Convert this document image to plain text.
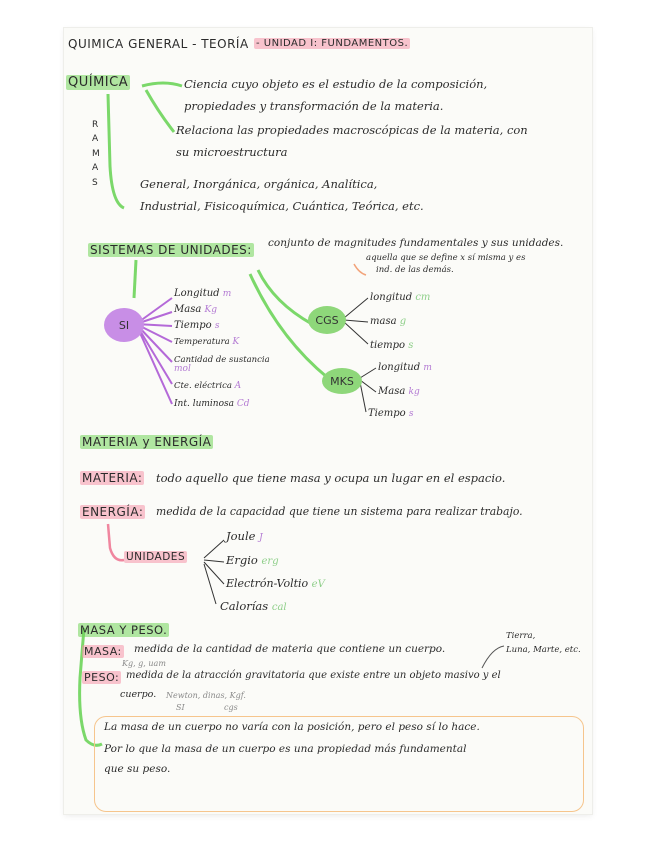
QUIMICA GENERAL - TEORÍA - UNIDAD I: FUNDAMENTOS.
QUÍMICA	Ciencia cuyo objeto es el estudio de la composición,
propiedades y transformación de la materia.
Relaciona las propiedades macroscópicas de la materia, con
su microestructura
RAMAS	General, Inorgánica, orgánica, Analítica,
Industrial, Fisicoquímica, Cuántica, Teórica, etc.
SISTEMAS DE UNIDADES: conjunto de magnitudes fundamentales y sus unidades.
aquella que se define x sí misma y es
ind. de las demás.
SI
Longitud m
Masa Kg
Tiempo s
Temperatura K
Cantidad de sustancia mol
Cte. eléctrica A
Int. luminosa Cd
CGS
longitud cm
masa g
tiempo s
MKS
longitud m
Masa kg
Tiempo s
MATERIA y ENERGÍA
MATERIA: todo aquello que tiene masa y ocupa un lugar en el espacio.
ENERGÍA: medida de la capacidad que tiene un sistema para realizar trabajo.
UNIDADES
Joule J
Ergio erg
Electrón-Voltio eV
Calorías cal
MASA Y PESO.
MASA: medida de la cantidad de materia que contiene un cuerpo.
Kg, g, uam
Tierra,
Luna, Marte, etc.
PESO: medida de la atracción gravitatoria que existe entre un objeto masivo y el
cuerpo. Newton, dinas, Kgf.
SI	cgs
La masa de un cuerpo no varía con la posición, pero el peso sí lo hace.
Por lo que la masa de un cuerpo es una propiedad más fundamental
que su peso.
